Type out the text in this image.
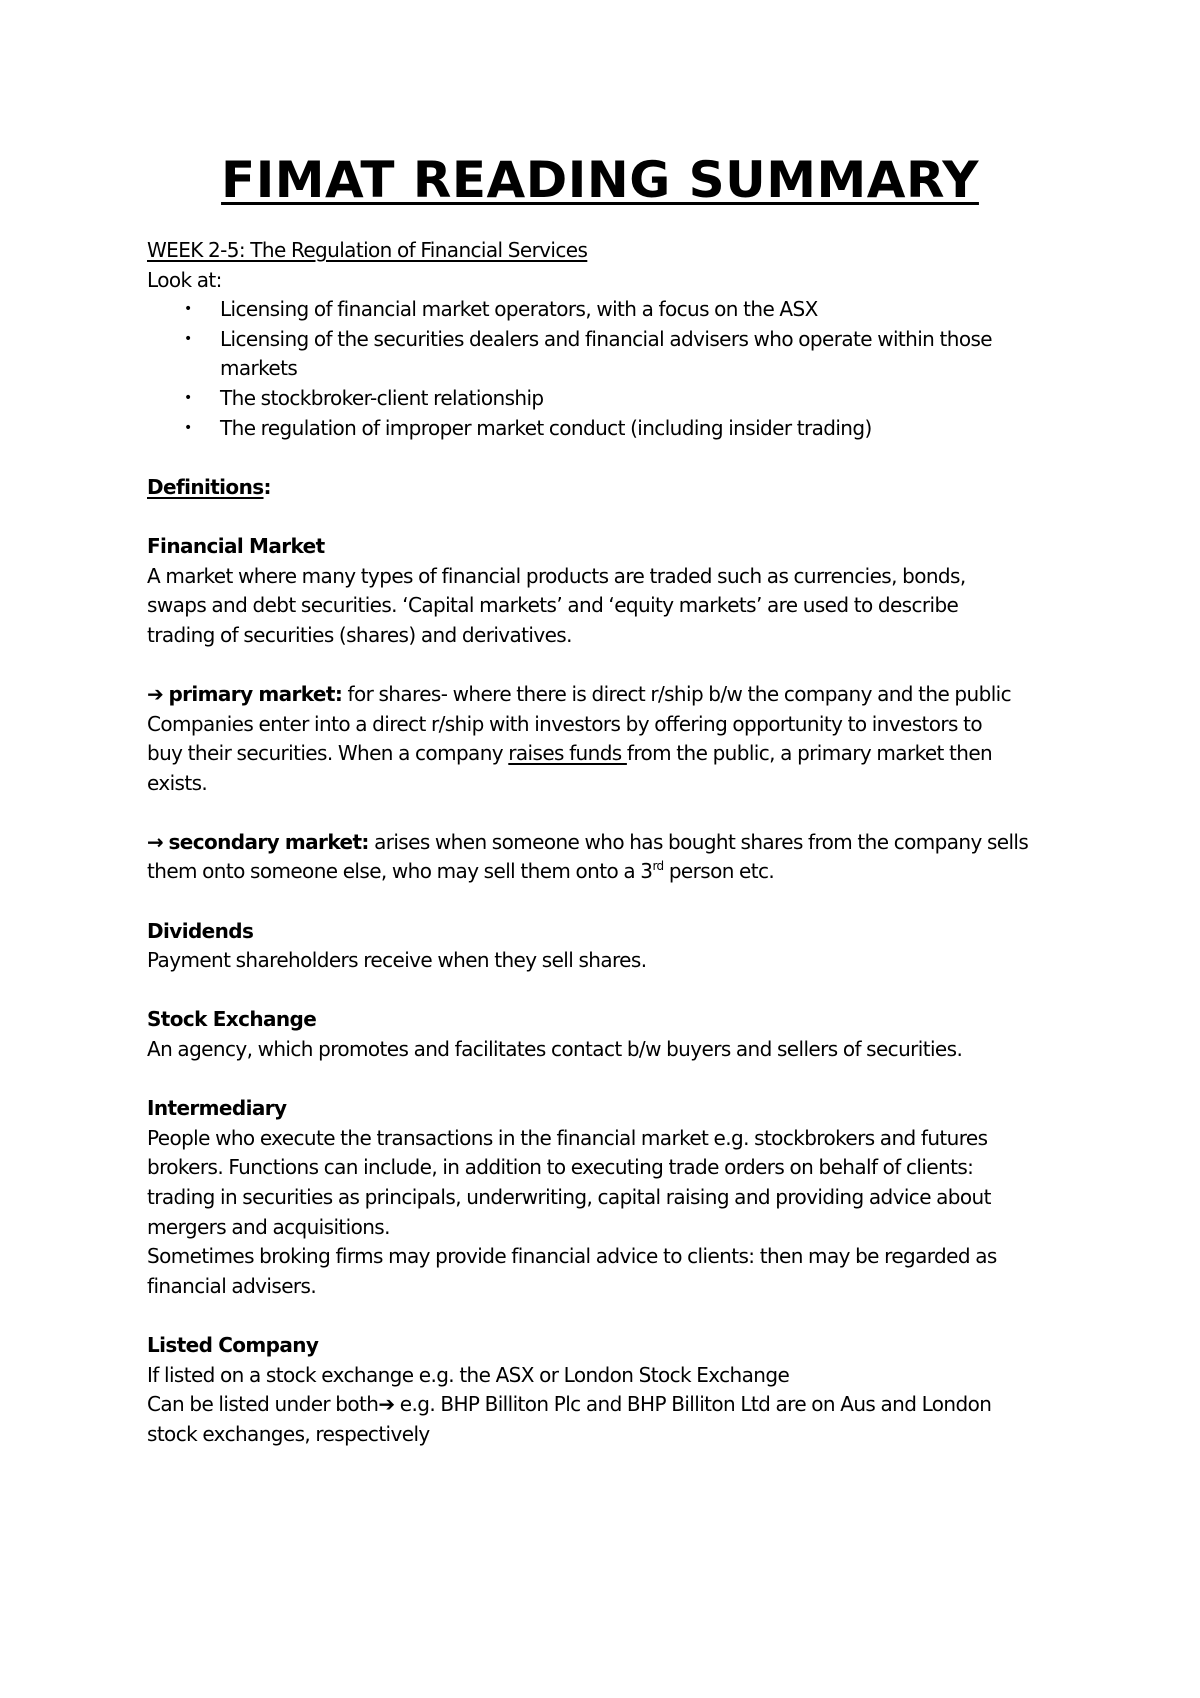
FIMAT READING SUMMARY
WEEK 2-5: The Regulation of Financial Services
Look at:
• Licensing of financial market operators, with a focus on the ASX
• Licensing of the securities dealers and financial advisers who operate within those
markets
• The stockbroker-client relationship
• The regulation of improper market conduct (including insider trading)
Definitions:
Financial Market
A market where many types of financial products are traded such as currencies, bonds,
swaps and debt securities. ‘Capital markets’ and ‘equity markets’ are used to describe
trading of securities (shares) and derivatives.
➔ primary market: for shares- where there is direct r/ship b/w the company and the public
Companies enter into a direct r/ship with investors by offering opportunity to investors to
buy their securities. When a company raises funds from the public, a primary market then
exists.
→ secondary market: arises when someone who has bought shares from the company sells
them onto someone else, who may sell them onto a 3rd person etc.
Dividends
Payment shareholders receive when they sell shares.
Stock Exchange
An agency, which promotes and facilitates contact b/w buyers and sellers of securities.
Intermediary
People who execute the transactions in the financial market e.g. stockbrokers and futures
brokers. Functions can include, in addition to executing trade orders on behalf of clients:
trading in securities as principals, underwriting, capital raising and providing advice about
mergers and acquisitions.
Sometimes broking firms may provide financial advice to clients: then may be regarded as
financial advisers.
Listed Company
If listed on a stock exchange e.g. the ASX or London Stock Exchange
Can be listed under both➔ e.g. BHP Billiton Plc and BHP Billiton Ltd are on Aus and London
stock exchanges, respectively
